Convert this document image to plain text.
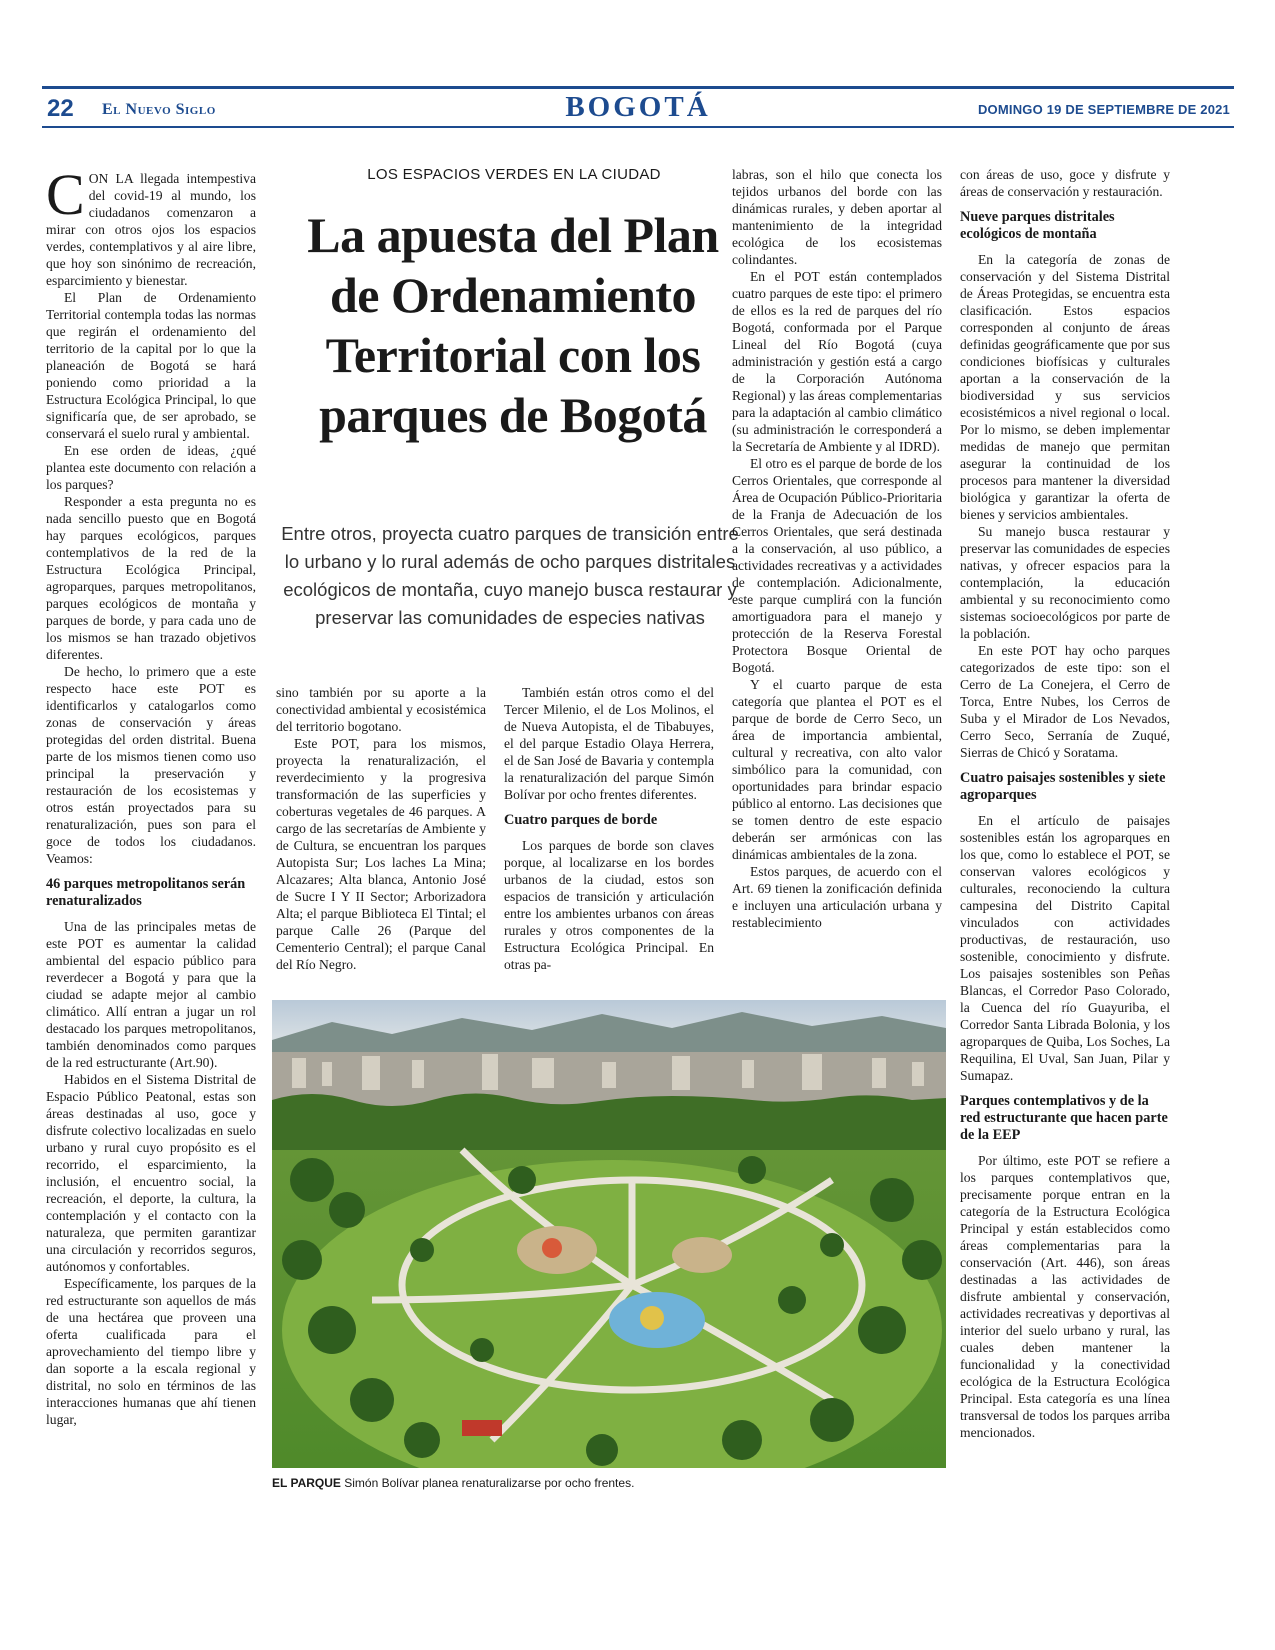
22 El Nuevo Siglo	BOGOTÁ	DOMINGO 19 DE SEPTIEMBRE DE 2021
LOS ESPACIOS VERDES EN LA CIUDAD
La apuesta del Plan de Ordenamiento Territorial con los parques de Bogotá
Entre otros, proyecta cuatro parques de transición entre lo urbano y lo rural además de ocho parques distritales ecológicos de montaña, cuyo manejo busca restaurar y preservar las comunidades de especies nativas

CON LA llegada intempestiva del covid-19 al mundo, los ciudadanos comenzaron a mirar con otros ojos los espacios verdes, contemplativos y al aire libre, que hoy son sinónimo de recreación, esparcimiento y bienestar.

El Plan de Ordenamiento Territorial contempla todas las normas que regirán el ordenamiento del territorio de la capital por lo que la planeación de Bogotá se hará poniendo como prioridad a la Estructura Ecológica Principal, lo que significaría que, de ser aprobado, se conservará el suelo rural y ambiental.

En ese orden de ideas, ¿qué plantea este documento con relación a los parques?

Responder a esta pregunta no es nada sencillo puesto que en Bogotá hay parques ecológicos, parques contemplativos de la red de la Estructura Ecológica Principal, agroparques, parques metropolitanos, parques ecológicos de montaña y parques de borde, y para cada uno de los mismos se han trazado objetivos diferentes.

De hecho, lo primero que a este respecto hace este POT es identificarlos y catalogarlos como zonas de conservación y áreas protegidas del orden distrital. Buena parte de los mismos tienen como uso principal la preservación y restauración de los ecosistemas y otros están proyectados para su renaturalización, pues son para el goce de todos los ciudadanos. Veamos:

46 parques metropolitanos serán renaturalizados

Una de las principales metas de este POT es aumentar la calidad ambiental del espacio público para reverdecer a Bogotá y para que la ciudad se adapte mejor al cambio climático. Allí entran a jugar un rol destacado los parques metropolitanos, también denominados como parques de la red estructurante (Art.90).

Habidos en el Sistema Distrital de Espacio Público Peatonal, estas son áreas destinadas al uso, goce y disfrute colectivo localizadas en suelo urbano y rural cuyo propósito es el recorrido, el esparcimiento, la inclusión, el encuentro social, la recreación, el deporte, la cultura, la contemplación y el contacto con la naturaleza, que permiten garantizar una circulación y recorridos seguros, autónomos y confortables.

Específicamente, los parques de la red estructurante son aquellos de más de una hectárea que proveen una oferta cualificada para el aprovechamiento del tiempo libre y dan soporte a la escala regional y distrital, no solo en términos de las interacciones humanas que ahí tienen lugar,

sino también por su aporte a la conectividad ambiental y ecosistémica del territorio bogotano.

Este POT, para los mismos, proyecta la renaturalización, el reverdecimiento y la progresiva transformación de las superficies y coberturas vegetales de 46 parques. A cargo de las secretarías de Ambiente y de Cultura, se encuentran los parques Autopista Sur; Los laches La Mina; Alcazares; Alta blanca, Antonio José de Sucre I Y II Sector; Arborizadora Alta; el parque Biblioteca El Tintal; el parque Calle 26 (Parque del Cementerio Central); el parque Canal del Río Negro.

También están otros como el del Tercer Milenio, el de Los Molinos, el de Nueva Autopista, el de Tibabuyes, el del parque Estadio Olaya Herrera, el de San José de Bavaria y contempla la renaturalización del parque Simón Bolívar por ocho frentes diferentes.

Cuatro parques de borde

Los parques de borde son claves porque, al localizarse en los bordes urbanos de la ciudad, estos son espacios de transición y articulación entre los ambientes urbanos con áreas rurales y otros componentes de la Estructura Ecológica Principal. En otras pa-

labras, son el hilo que conecta los tejidos urbanos del borde con las dinámicas rurales, y deben aportar al mantenimiento de la integridad ecológica de los ecosistemas colindantes.

En el POT están contemplados cuatro parques de este tipo: el primero de ellos es la red de parques del río Bogotá, conformada por el Parque Lineal del Río Bogotá (cuya administración y gestión está a cargo de la Corporación Autónoma Regional) y las áreas complementarias para la adaptación al cambio climático (su administración le corresponderá a la Secretaría de Ambiente y al IDRD).

El otro es el parque de borde de los Cerros Orientales, que corresponde al Área de Ocupación Público-Prioritaria de la Franja de Adecuación de los Cerros Orientales, que será destinada a la conservación, al uso público, a actividades recreativas y a actividades de contemplación. Adicionalmente, este parque cumplirá con la función amortiguadora para el manejo y protección de la Reserva Forestal Protectora Bosque Oriental de Bogotá.

Y el cuarto parque de esta categoría que plantea el POT es el parque de borde de Cerro Seco, un área de importancia ambiental, cultural y recreativa, con alto valor simbólico para la comunidad, con oportunidades para brindar espacio público al entorno. Las decisiones que se tomen dentro de este espacio deberán ser armónicas con las dinámicas ambientales de la zona.

Estos parques, de acuerdo con el Art. 69 tienen la zonificación definida e incluyen una articulación urbana y restablecimiento

con áreas de uso, goce y disfrute y áreas de conservación y restauración.

Nueve parques distritales ecológicos de montaña

En la categoría de zonas de conservación y del Sistema Distrital de Áreas Protegidas, se encuentra esta clasificación. Estos espacios corresponden al conjunto de áreas definidas geográficamente que por sus condiciones biofísicas y culturales aportan a la conservación de la biodiversidad y sus servicios ecosistémicos a nivel regional o local. Por lo mismo, se deben implementar medidas de manejo que permitan asegurar la continuidad de los procesos para mantener la diversidad biológica y garantizar la oferta de bienes y servicios ambientales.

Su manejo busca restaurar y preservar las comunidades de especies nativas, y ofrecer espacios para la contemplación, la educación ambiental y su reconocimiento como sistemas socioecológicos por parte de la población.

En este POT hay ocho parques categorizados de este tipo: son el Cerro de La Conejera, el Cerro de Torca, Entre Nubes, los Cerros de Suba y el Mirador de Los Nevados, Cerro Seco, Serranía de Zuqué, Sierras de Chicó y Soratama.

Cuatro paisajes sostenibles y siete agroparques

En el artículo de paisajes sostenibles están los agroparques en los que, como lo establece el POT, se conservan valores ecológicos y culturales, reconociendo la cultura campesina del Distrito Capital vinculados con actividades productivas, de restauración, uso sostenible, conocimiento y disfrute. Los paisajes sostenibles son Peñas Blancas, el Corredor Paso Colorado, la Cuenca del río Guayuriba, el Corredor Santa Librada Bolonia, y los agroparques de Quiba, Los Soches, La Requilina, El Uval, San Juan, Pilar y Sumapaz.

Parques contemplativos y de la red estructurante que hacen parte de la EEP

Por último, este POT se refiere a los parques contemplativos que, precisamente porque entran en la categoría de la Estructura Ecológica Principal y están establecidos como áreas complementarias para la conservación (Art. 446), son áreas destinadas a las actividades de disfrute ambiental y conservación, actividades recreativas y deportivas al interior del suelo urbano y rural, las cuales deben mantener la funcionalidad y la conectividad ecológica de la Estructura Ecológica Principal. Esta categoría es una línea transversal de todos los parques arriba mencionados.

EL PARQUE Simón Bolívar planea renaturalizarse por ocho frentes.
